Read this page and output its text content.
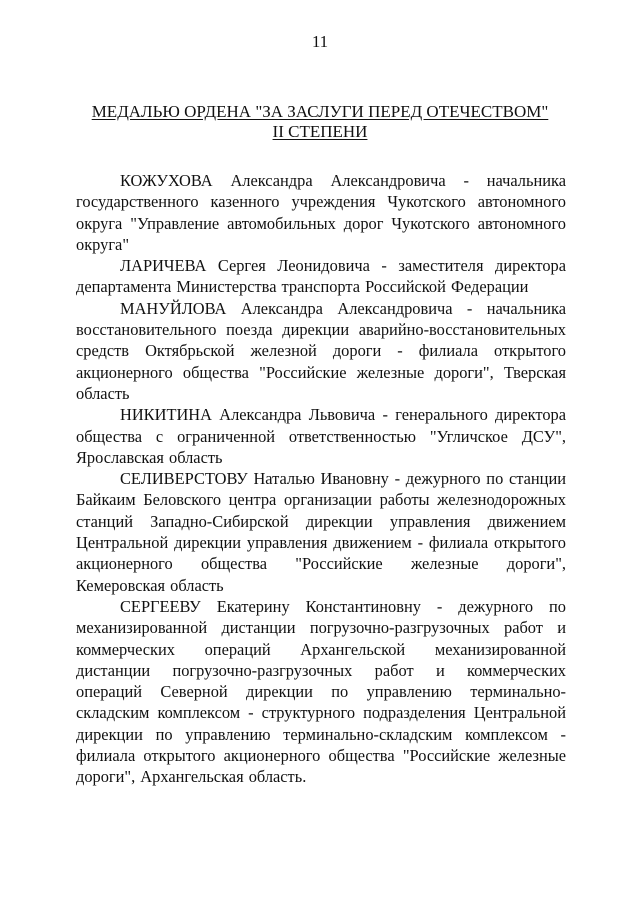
11
МЕДАЛЬЮ ОРДЕНА "ЗА ЗАСЛУГИ ПЕРЕД ОТЕЧЕСТВОМ"
II СТЕПЕНИ

КОЖУХОВА Александра Александровича - начальника государственного казенного учреждения Чукотского автономного округа "Управление автомобильных дорог Чукотского автономного округа"

ЛАРИЧЕВА Сергея Леонидовича - заместителя директора департамента Министерства транспорта Российской Федерации

МАНУЙЛОВА Александра Александровича - начальника восстановительного поезда дирекции аварийно-восстановительных средств Октябрьской железной дороги - филиала открытого акционерного общества "Российские железные дороги", Тверская область

НИКИТИНА Александра Львовича - генерального директора общества с ограниченной ответственностью "Угличское ДСУ", Ярославская область

СЕЛИВЕРСТОВУ Наталью Ивановну - дежурного по станции Байкаим Беловского центра организации работы железнодорожных станций Западно-Сибирской дирекции управления движением Центральной дирекции управления движением - филиала открытого акционерного общества "Российские железные дороги", Кемеровская область

СЕРГЕЕВУ Екатерину Константиновну - дежурного по механизированной дистанции погрузочно-разгрузочных работ и коммерческих операций Архангельской механизированной дистанции погрузочно-разгрузочных работ и коммерческих операций Северной дирекции по управлению терминально-складским комплексом - структурного подразделения Центральной дирекции по управлению терминально-складским комплексом - филиала открытого акционерного общества "Российские железные дороги", Архангельская область.
